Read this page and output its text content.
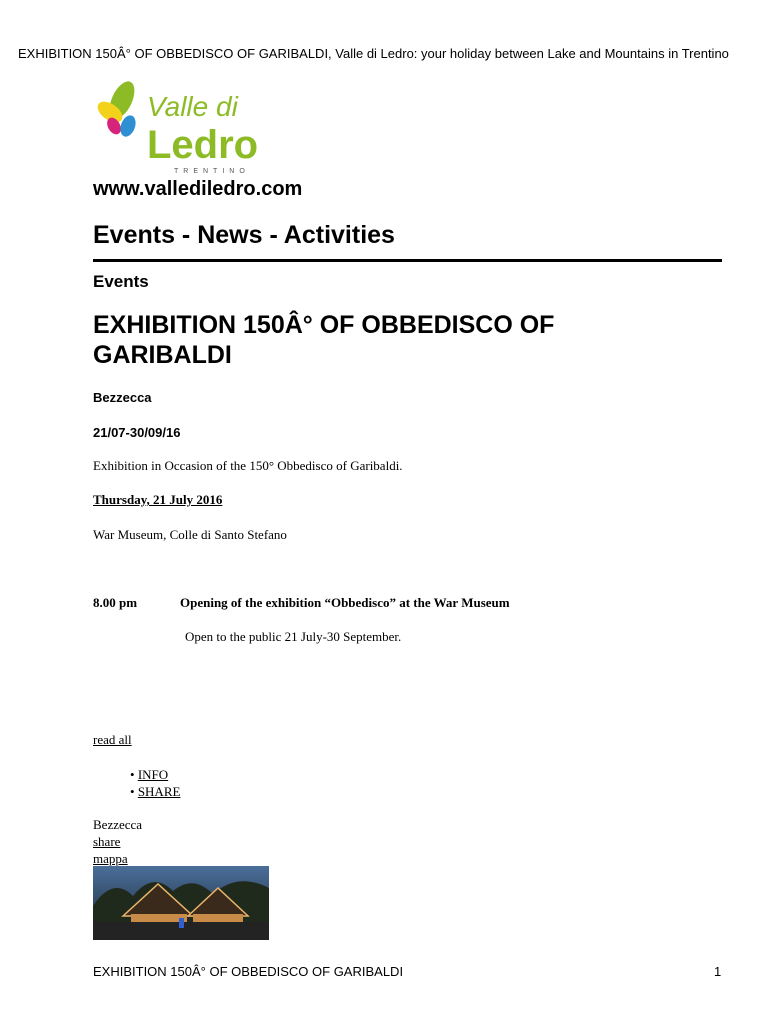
EXHIBITION 150Â° OF OBBEDISCO OF GARIBALDI, Valle di Ledro: your holiday between Lake and Mountains in Trentino
Valle di
Ledro
TRENTINO
www.vallediledro.com
Events - News - Activities
Events
EXHIBITION 150Â° OF OBBEDISCO OF GARIBALDI
Bezzecca
21/07-30/09/16
Exhibition in Occasion of the 150° Obbedisco of Garibaldi.
Thursday, 21 July 2016
War Museum, Colle di Santo Stefano
8.00 pm	Opening of the exhibition “Obbedisco” at the War Museum
Open to the public 21 July-30 September.
read all
• INFO
• SHARE
Bezzecca
share
mappa
EXHIBITION 150Â° OF OBBEDISCO OF GARIBALDI	1
